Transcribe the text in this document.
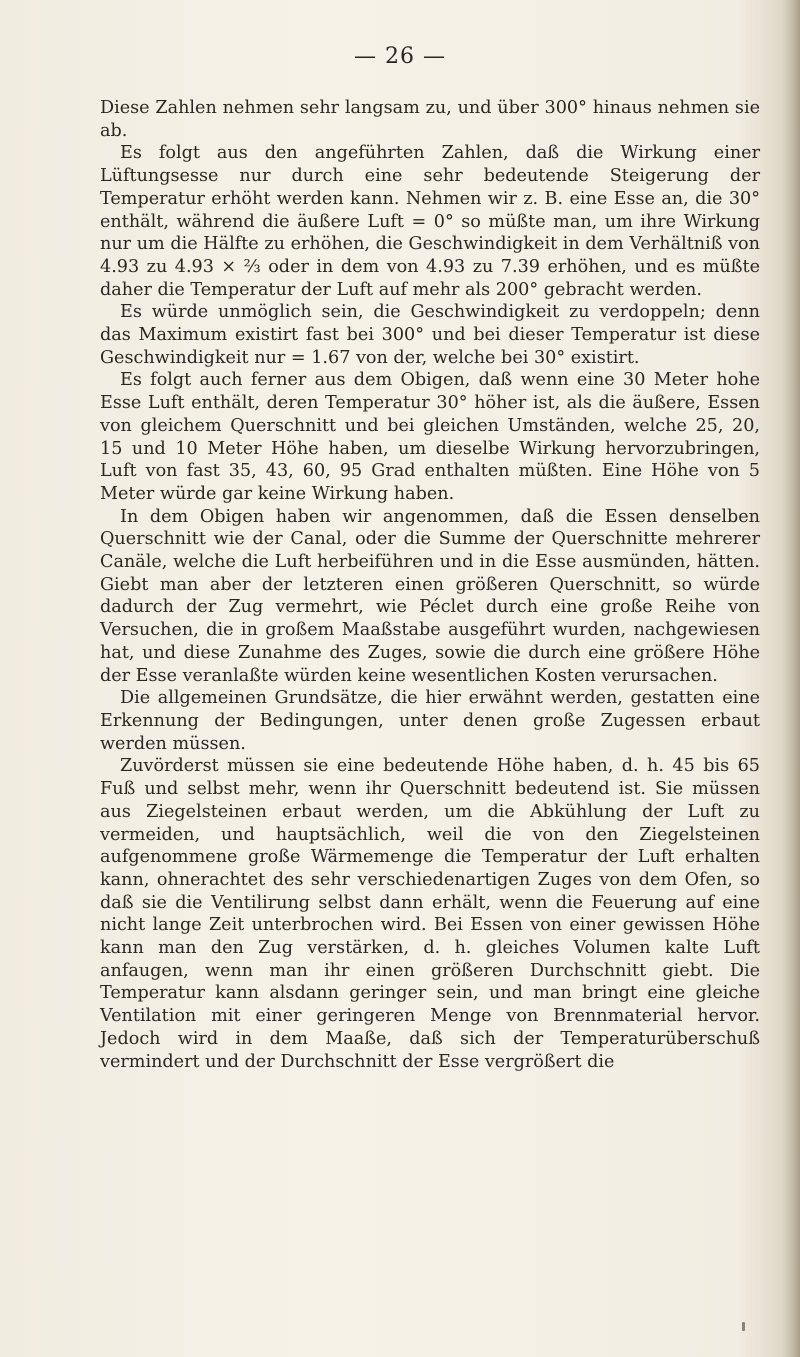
— 26 —

Diese Zahlen nehmen sehr langsam zu, und über 300° hinaus nehmen sie ab.

Es folgt aus den angeführten Zahlen, daß die Wirkung einer Lüftungsesse nur durch eine sehr bedeutende Steigerung der Temperatur erhöht werden kann. Nehmen wir z. B. eine Esse an, die 30° enthält, während die äußere Luft = 0° so müßte man, um ihre Wirkung nur um die Hälfte zu erhöhen, die Geschwindigkeit in dem Verhältniß von 4.93 zu 4.93 × ⅔ oder in dem von 4.93 zu 7.39 erhöhen, und es müßte daher die Temperatur der Luft auf mehr als 200° gebracht werden.

Es würde unmöglich sein, die Geschwindigkeit zu verdoppeln; denn das Maximum existirt fast bei 300° und bei dieser Temperatur ist diese Geschwindigkeit nur = 1.67 von der, welche bei 30° existirt.

Es folgt auch ferner aus dem Obigen, daß wenn eine 30 Meter hohe Esse Luft enthält, deren Temperatur 30° höher ist, als die äußere, Essen von gleichem Querschnitt und bei gleichen Umständen, welche 25, 20, 15 und 10 Meter Höhe haben, um dieselbe Wirkung hervorzubringen, Luft von fast 35, 43, 60, 95 Grad enthalten müßten. Eine Höhe von 5 Meter würde gar keine Wirkung haben.

In dem Obigen haben wir angenommen, daß die Essen denselben Querschnitt wie der Canal, oder die Summe der Querschnitte mehrerer Canäle, welche die Luft herbeiführen und in die Esse ausmünden, hätten. Giebt man aber der letzteren einen größeren Querschnitt, so würde dadurch der Zug vermehrt, wie Péclet durch eine große Reihe von Versuchen, die in großem Maaßstabe ausgeführt wurden, nachgewiesen hat, und diese Zunahme des Zuges, sowie die durch eine größere Höhe der Esse veranlaßte würden keine wesentlichen Kosten verursachen.

Die allgemeinen Grundsätze, die hier erwähnt werden, gestatten eine Erkennung der Bedingungen, unter denen große Zugessen erbaut werden müssen.

Zuvörderst müssen sie eine bedeutende Höhe haben, d. h. 45 bis 65 Fuß und selbst mehr, wenn ihr Querschnitt bedeutend ist. Sie müssen aus Ziegelsteinen erbaut werden, um die Abkühlung der Luft zu vermeiden, und hauptsächlich, weil die von den Ziegelsteinen aufgenommene große Wärmemenge die Temperatur der Luft erhalten kann, ohnerachtet des sehr verschiedenartigen Zuges von dem Ofen, so daß sie die Ventilirung selbst dann erhält, wenn die Feuerung auf eine nicht lange Zeit unterbrochen wird. Bei Essen von einer gewissen Höhe kann man den Zug verstärken, d. h. gleiches Volumen kalte Luft anfaugen, wenn man ihr einen größeren Durchschnitt giebt. Die Temperatur kann alsdann geringer sein, und man bringt eine gleiche Ventilation mit einer geringeren Menge von Brennmaterial hervor. Jedoch wird in dem Maaße, daß sich der Temperaturüberschuß vermindert und der Durchschnitt der Esse vergrößert die
